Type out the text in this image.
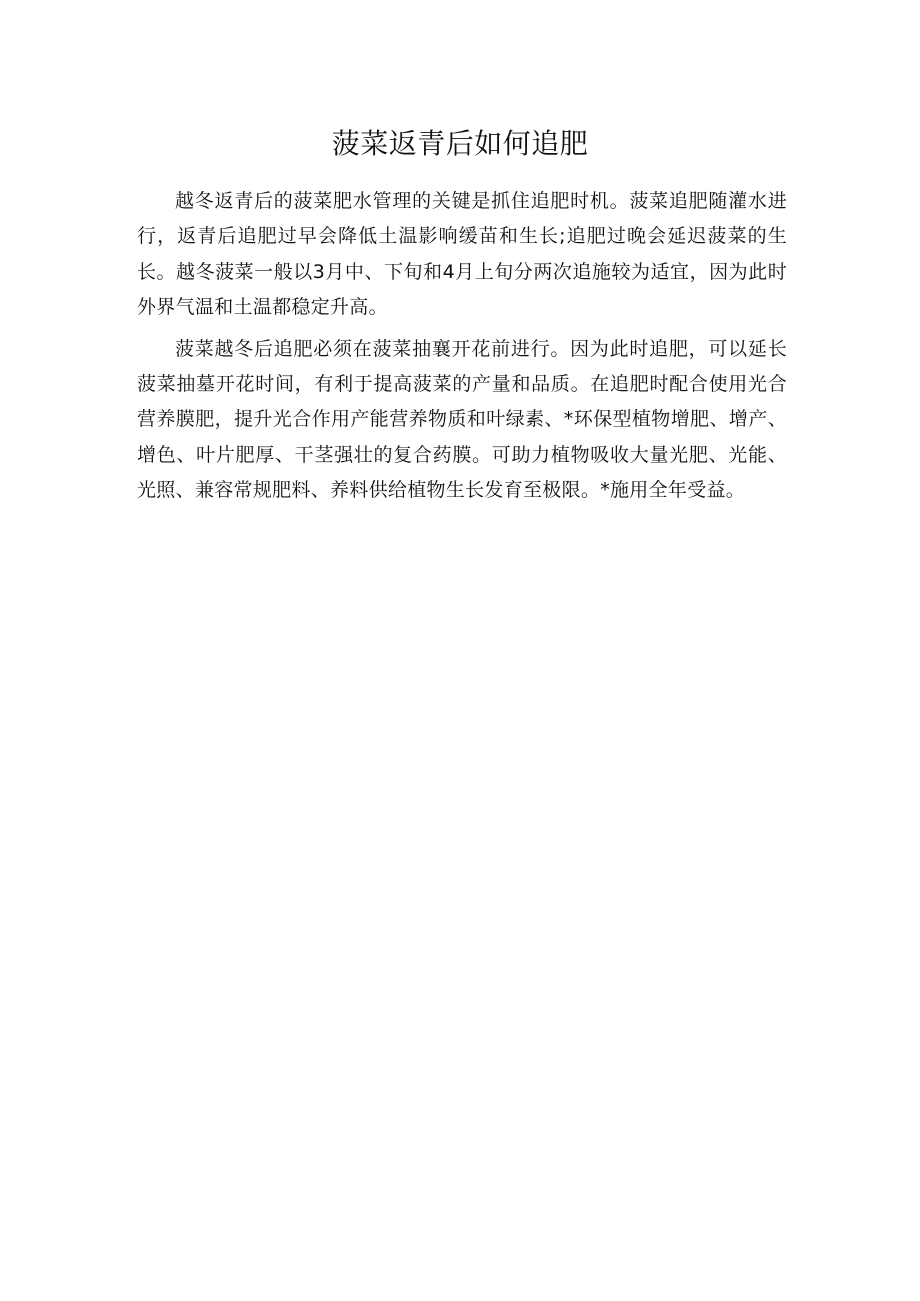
菠菜返青后如何追肥

越冬返青后的菠菜肥水管理的关键是抓住追肥时机。菠菜追肥随灌水进行，返青后追肥过早会降低土温影响缓苗和生长;追肥过晚会延迟菠菜的生长。越冬菠菜一般以3月中、下旬和4月上旬分两次追施较为适宜，因为此时外界气温和土温都稳定升高。

菠菜越冬后追肥必须在菠菜抽襄开花前进行。因为此时追肥，可以延长菠菜抽墓开花时间，有利于提高菠菜的产量和品质。在追肥时配合使用光合营养膜肥，提升光合作用产能营养物质和叶绿素、*环保型植物增肥、增产、增色、叶片肥厚、干茎强壮的复合药膜。可助力植物吸收大量光肥、光能、光照、兼容常规肥料、养料供给植物生长发育至极限。*施用全年受益。
